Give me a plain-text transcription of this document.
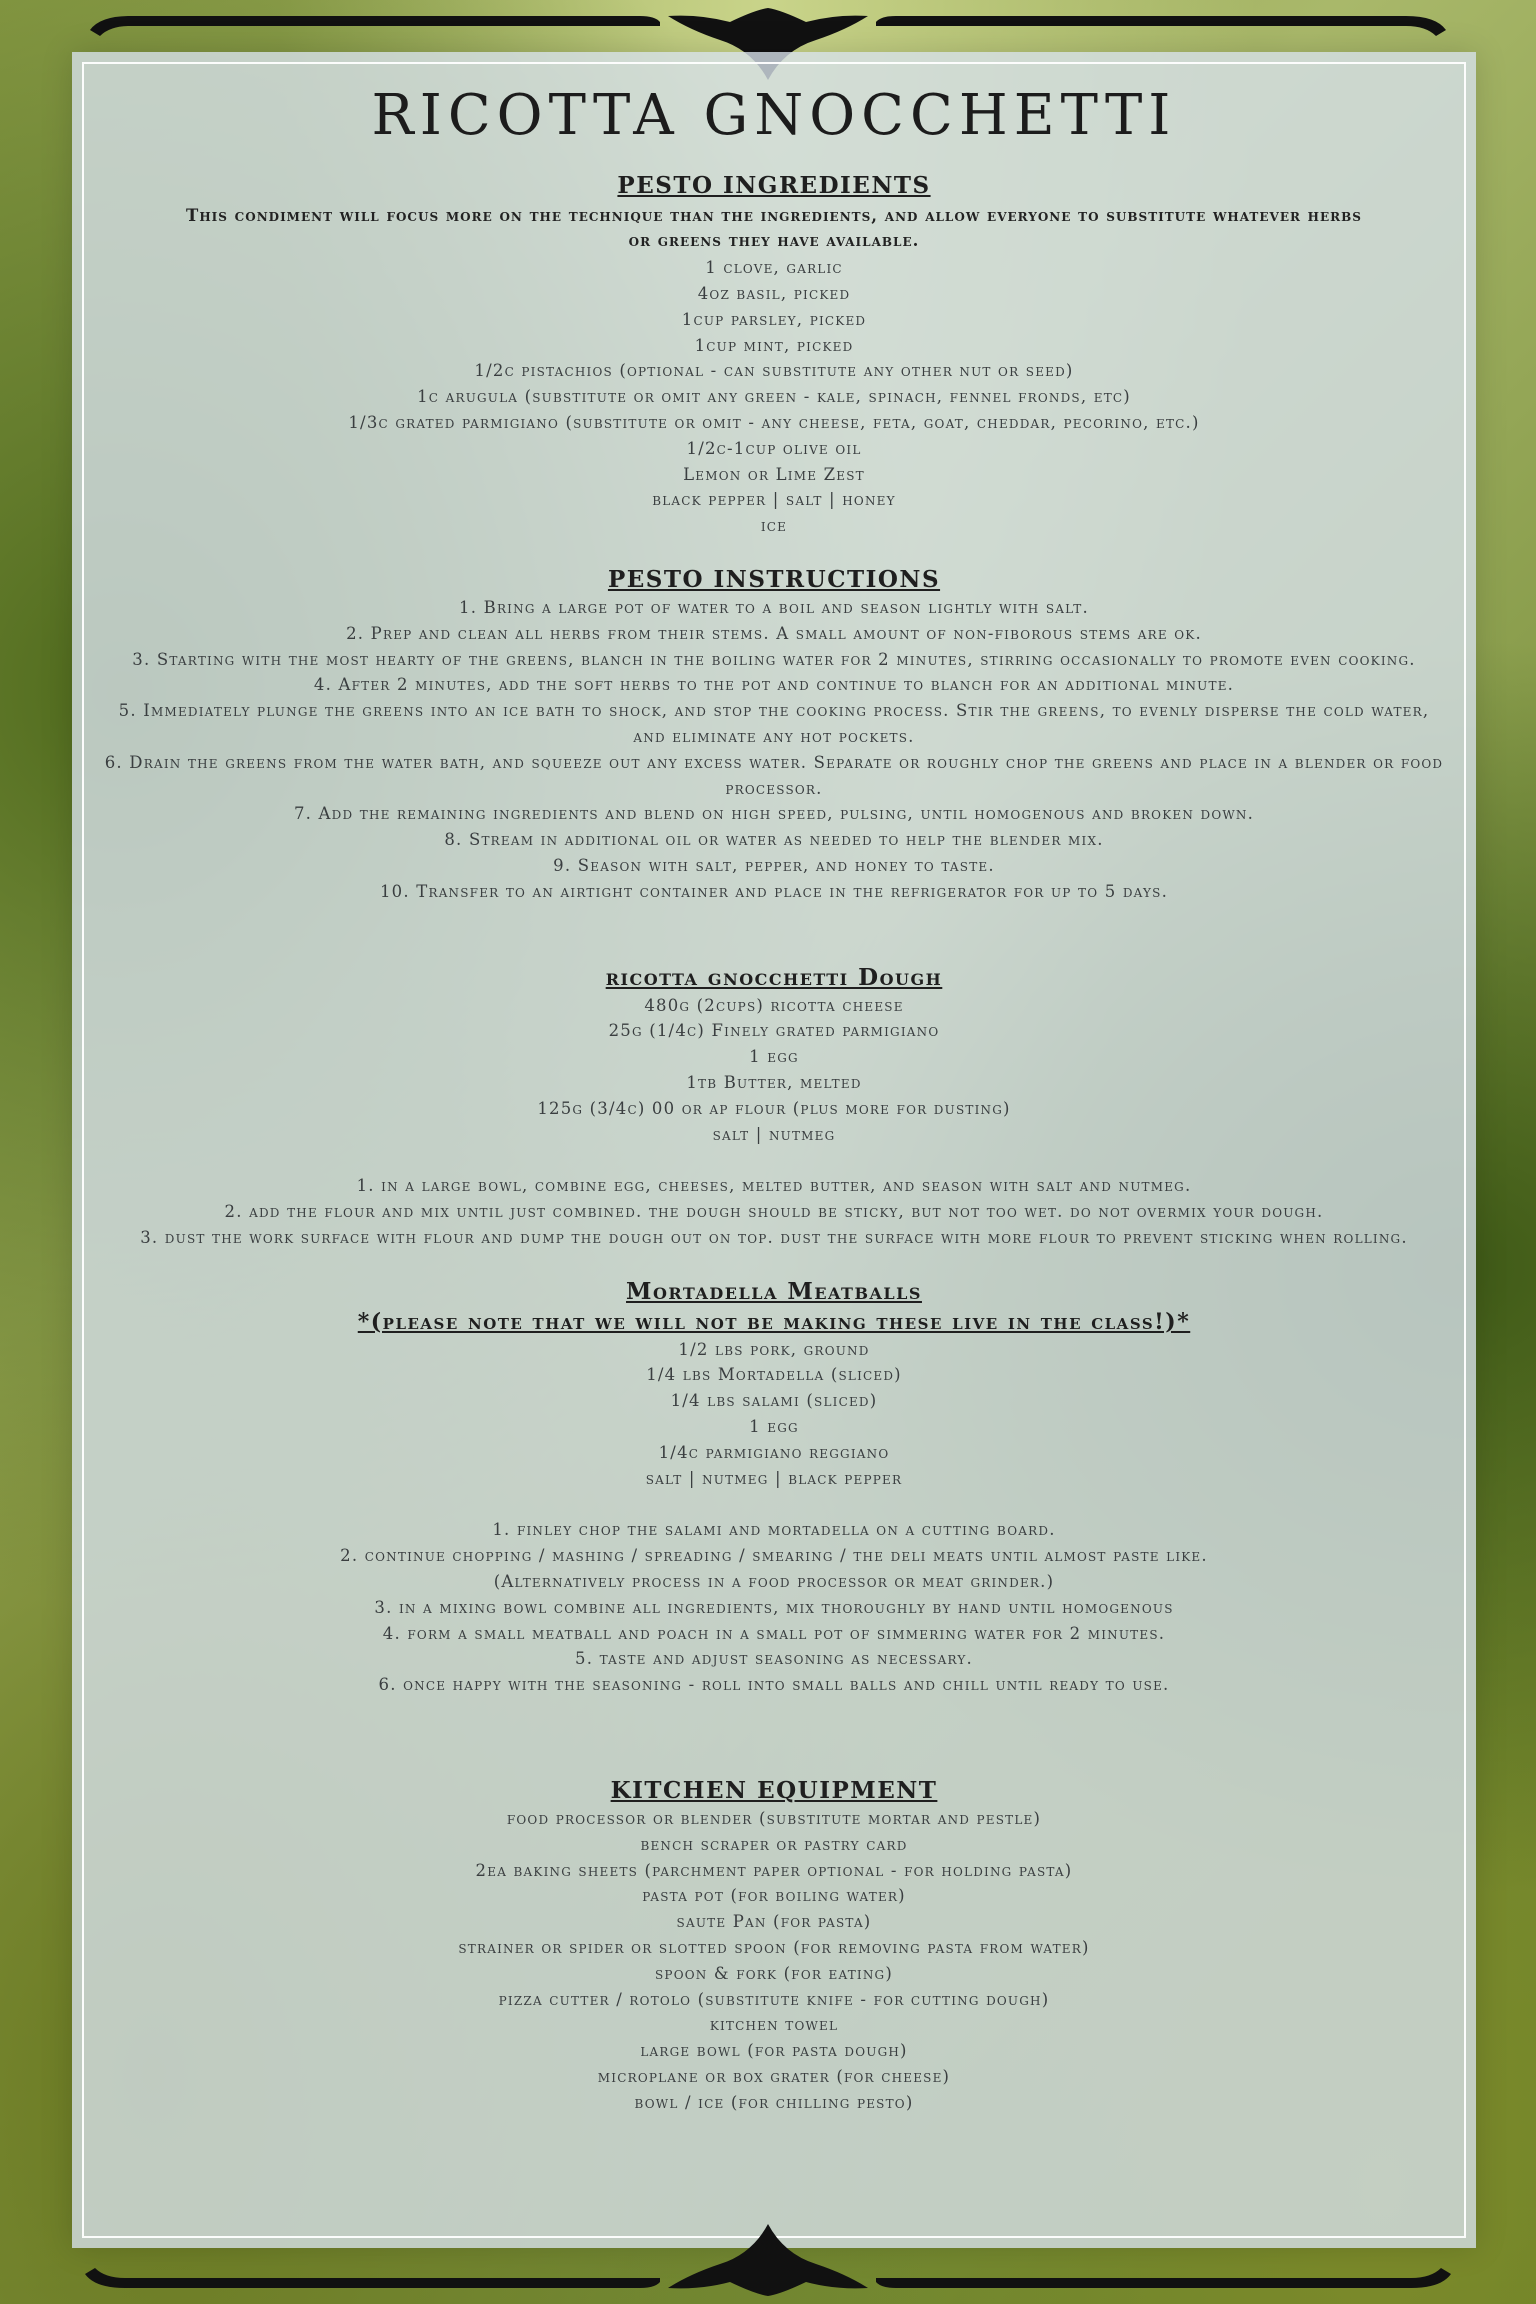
RICOTTA GNOCCHETTI
PESTO INGREDIENTS

This condiment will focus more on the technique than the ingredients, and allow everyone to substitute whatever herbs or greens they have available.

1 clove, garlic

4oz basil, picked

1cup parsley, picked

1cup mint, picked

1/2c pistachios (optional - can substitute any other nut or seed)

1c arugula (substitute or omit any green - kale, spinach, fennel fronds, etc)

1/3c grated parmigiano (substitute or omit - any cheese, feta, goat, cheddar, pecorino, etc.)

1/2c-1cup olive oil

Lemon or Lime Zest

black pepper | salt | honey

ice

PESTO INSTRUCTIONS

1. Bring a large pot of water to a boil and season lightly with salt.

2. Prep and clean all herbs from their stems. A small amount of non-fiborous stems are ok.

3. Starting with the most hearty of the greens, blanch in the boiling water for 2 minutes, stirring occasionally to promote even cooking.

4. After 2 minutes, add the soft herbs to the pot and continue to blanch for an additional minute.

5. Immediately plunge the greens into an ice bath to shock, and stop the cooking process. Stir the greens, to evenly disperse the cold water, and eliminate any hot pockets.

6. Drain the greens from the water bath, and squeeze out any excess water. Separate or roughly chop the greens and place in a blender or food processor.

7. Add the remaining ingredients and blend on high speed, pulsing, until homogenous and broken down.

8. Stream in additional oil or water as needed to help the blender mix.

9. Season with salt, pepper, and honey to taste.

10. Transfer to an airtight container and place in the refrigerator for up to 5 days.

ricotta gnocchetti Dough

480g (2cups) ricotta cheese

25g (1/4c) Finely grated parmigiano

1 egg

1tb Butter, melted

125g (3/4c) 00 or ap flour (plus more for dusting)

salt | nutmeg

1. in a large bowl, combine egg, cheeses, melted butter, and season with salt and nutmeg.

2. add the flour and mix until just combined. the dough should be sticky, but not too wet. do not overmix your dough.

3. dust the work surface with flour and dump the dough out on top. dust the surface with more flour to prevent sticking when rolling.

Mortadella Meatballs
*(please note that we will not be making these live in the class!)*

1/2 lbs pork, ground

1/4 lbs Mortadella (sliced)

1/4 lbs salami (sliced)

1 egg

1/4c parmigiano reggiano

salt | nutmeg | black pepper

1. finley chop the salami and mortadella on a cutting board.

2. continue chopping / mashing / spreading / smearing / the deli meats until almost paste like.

(Alternatively process in a food processor or meat grinder.)

3. in a mixing bowl combine all ingredients, mix thoroughly by hand until homogenous

4. form a small meatball and poach in a small pot of simmering water for 2 minutes.

5. taste and adjust seasoning as necessary.

6. once happy with the seasoning - roll into small balls and chill until ready to use.

KITCHEN EQUIPMENT

food processor or blender (substitute mortar and pestle)

bench scraper or pastry card

2ea baking sheets (parchment paper optional - for holding pasta)

pasta pot (for boiling water)

saute Pan (for pasta)

strainer or spider or slotted spoon (for removing pasta from water)

spoon & fork (for eating)

pizza cutter / rotolo (substitute knife - for cutting dough)

kitchen towel

large bowl (for pasta dough)

microplane or box grater (for cheese)

bowl / ice (for chilling pesto)
